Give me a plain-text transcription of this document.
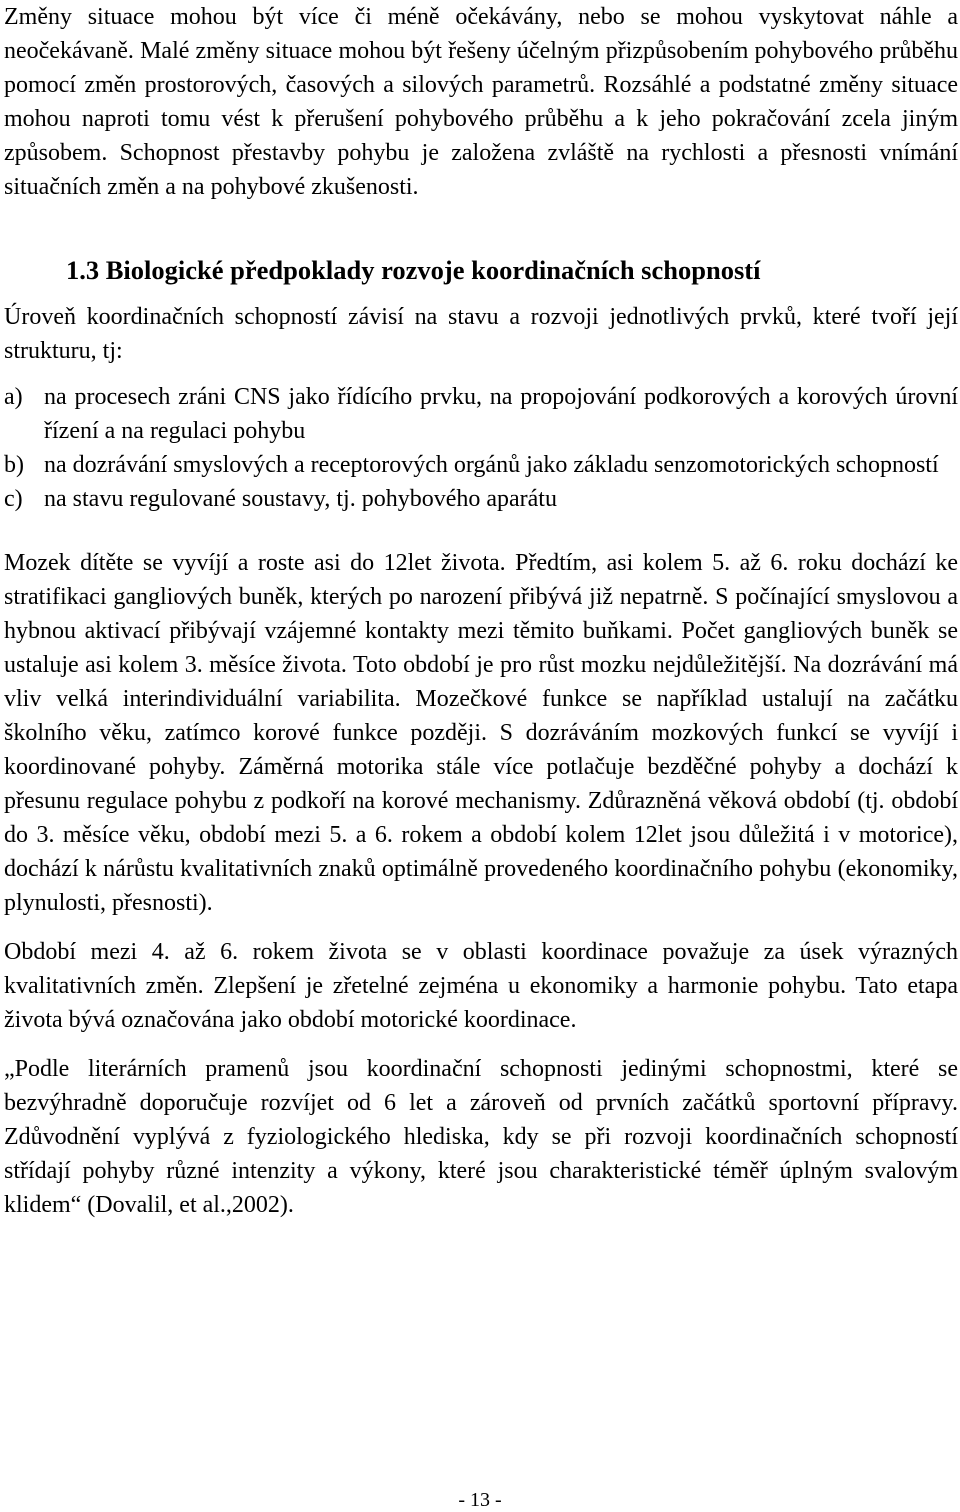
Změny situace mohou být více či méně očekávány, nebo se mohou vyskytovat náhle a neočekávaně. Malé změny situace mohou být řešeny účelným přizpůsobením pohybového průběhu pomocí změn prostorových, časových a silových parametrů. Rozsáhlé a podstatné změny situace mohou naproti tomu vést k přerušení pohybového průběhu a k jeho pokračování zcela jiným způsobem. Schopnost přestavby pohybu je založena zvláště na rychlosti a přesnosti vnímání situačních změn a na pohybové zkušenosti.

1.3 Biologické předpoklady rozvoje koordinačních schopností

Úroveň koordinačních schopností závisí na stavu a rozvoji jednotlivých prvků, které tvoří její strukturu, tj:

a) na procesech zráni CNS jako řídícího prvku, na propojování podkorových a korových úrovní řízení a na regulaci pohybu
b) na dozrávání smyslových a receptorových orgánů jako základu senzomotorických schopností
c) na stavu regulované soustavy, tj. pohybového aparátu

Mozek dítěte se vyvíjí a roste asi do 12let života. Předtím, asi kolem 5. až 6. roku dochází ke stratifikaci gangliových buněk, kterých po narození přibývá již nepatrně. S počínající smyslovou a hybnou aktivací přibývají vzájemné kontakty mezi těmito buňkami. Počet gangliových buněk se ustaluje asi kolem 3. měsíce života. Toto období je pro růst mozku nejdůležitější. Na dozrávání má vliv velká interindividuální variabilita. Mozečkové funkce se například ustalují na začátku školního věku, zatímco korové funkce později. S dozráváním mozkových funkcí se vyvíjí i koordinované pohyby. Záměrná motorika stále více potlačuje bezděčné pohyby a dochází k přesunu regulace pohybu z podkoří na korové mechanismy. Zdůrazněná věková období (tj. období do 3. měsíce věku, období mezi 5. a 6. rokem a období kolem 12let jsou důležitá i v motorice), dochází k nárůstu kvalitativních znaků optimálně provedeného koordinačního pohybu (ekonomiky, plynulosti, přesnosti).

Období mezi 4. až 6. rokem života se v oblasti koordinace považuje za úsek výrazných kvalitativních změn. Zlepšení je zřetelné zejména u ekonomiky a harmonie pohybu. Tato etapa života bývá označována jako období motorické koordinace.

„Podle literárních pramenů jsou koordinační schopnosti jedinými schopnostmi, které se bezvýhradně doporučuje rozvíjet od 6 let a zároveň od prvních začátků sportovní přípravy. Zdůvodnění vyplývá z fyziologického hlediska, kdy se při rozvoji koordinačních schopností střídají pohyby různé intenzity a výkony, které jsou charakteristické téměř úplným svalovým klidem“ (Dovalil, et al.,2002).

- 13 -
